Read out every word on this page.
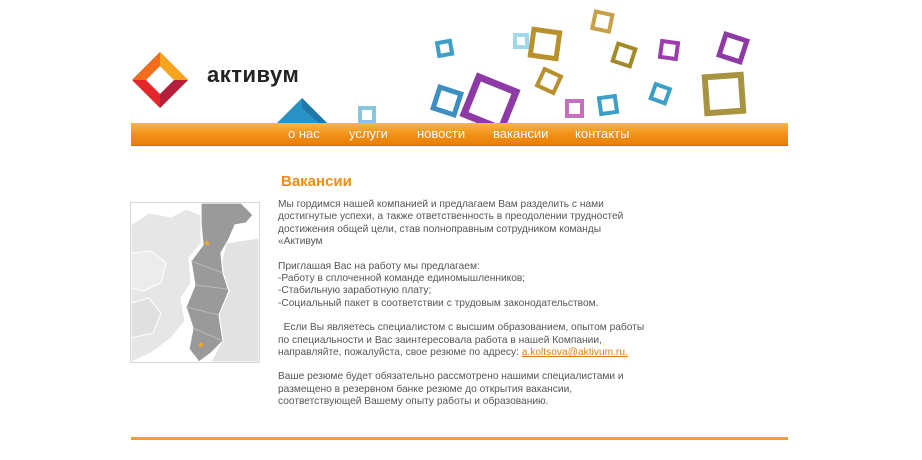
активум
о нас услуги новости вакансии контакты
Вакансии

Мы гордимся нашей компанией и предлагаем Вам разделить с нами достигнутые успехи, а также ответственность в преодолении трудностей достижения общей цели, став полноправным сотрудником команды «Активум

Приглашая Вас на работу мы предлагаем:

-Работу в сплоченной команде единомышленников;

-Стабильную заработную плату;

-Социальный пакет в соответствии с трудовым законодательством.

Если Вы являетесь специалистом с высшим образованием, опытом работы по специальности и Вас заинтересовала работа в нашей Компании, направляйте, пожалуйста, свое резюме по адресу: a.koltsova@aktivum.ru.

Ваше резюме будет обязательно рассмотрено нашими специалистами и размещено в резервном банке резюме до открытия вакансии, соответствующей Вашему опыту работы и образованию.
